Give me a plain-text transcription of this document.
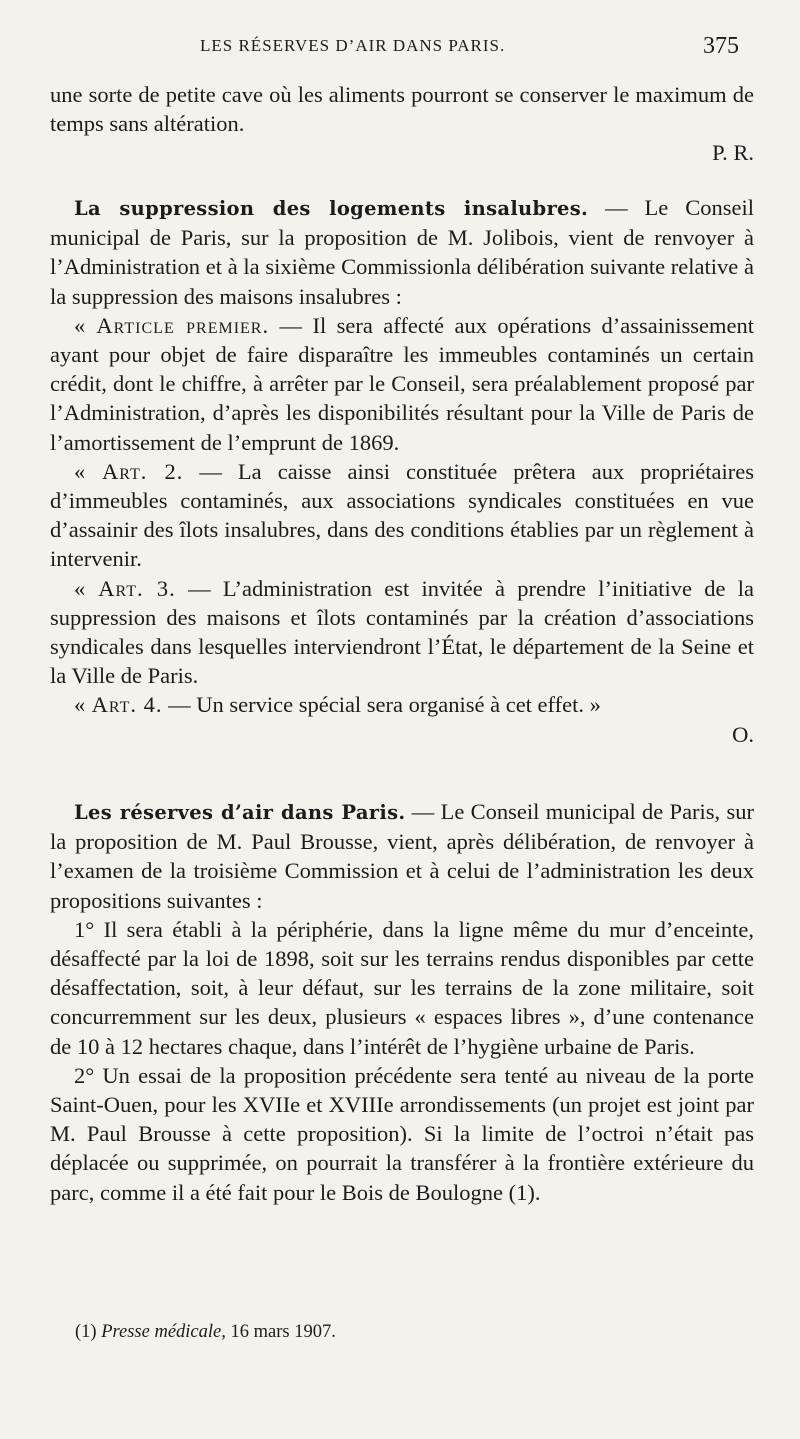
LES RÉSERVES D’AIR DANS PARIS.	375

une sorte de petite cave où les aliments pourront se conserver le maximum de temps sans altération.

P. R.

La suppression des logements insalubres. — Le Conseil municipal de Paris, sur la proposition de M. Jolibois, vient de renvoyer à l’Administration et à la sixième Commissionla délibération suivante relative à la suppression des maisons insalubres :

« Article premier. — Il sera affecté aux opérations d’assainissement ayant pour objet de faire disparaître les immeubles contaminés un certain crédit, dont le chiffre, à arrêter par le Conseil, sera préalablement proposé par l’Administration, d’après les disponibilités résultant pour la Ville de Paris de l’amortissement de l’emprunt de 1869.

« Art. 2. — La caisse ainsi constituée prêtera aux propriétaires d’immeubles contaminés, aux associations syndicales constituées en vue d’assainir des îlots insalubres, dans des conditions établies par un règlement à intervenir.

« Art. 3. — L’administration est invitée à prendre l’initiative de la suppression des maisons et îlots contaminés par la création d’associations syndicales dans lesquelles interviendront l’État, le département de la Seine et la Ville de Paris.

« Art. 4. — Un service spécial sera organisé à cet effet. »

O.

Les réserves d’air dans Paris. — Le Conseil municipal de Paris, sur la proposition de M. Paul Brousse, vient, après délibération, de renvoyer à l’examen de la troisième Commission et à celui de l’administration les deux propositions suivantes :

1° Il sera établi à la périphérie, dans la ligne même du mur d’enceinte, désaffecté par la loi de 1898, soit sur les terrains rendus disponibles par cette désaffectation, soit, à leur défaut, sur les terrains de la zone militaire, soit concurremment sur les deux, plusieurs « espaces libres », d’une contenance de 10 à 12 hectares chaque, dans l’intérêt de l’hygiène urbaine de Paris.

2° Un essai de la proposition précédente sera tenté au niveau de la porte Saint-Ouen, pour les XVIIe et XVIIIe arrondissements (un projet est joint par M. Paul Brousse à cette proposition). Si la limite de l’octroi n’était pas déplacée ou supprimée, on pourrait la transférer à la frontière extérieure du parc, comme il a été fait pour le Bois de Boulogne (1).

(1) Presse médicale, 16 mars 1907.
